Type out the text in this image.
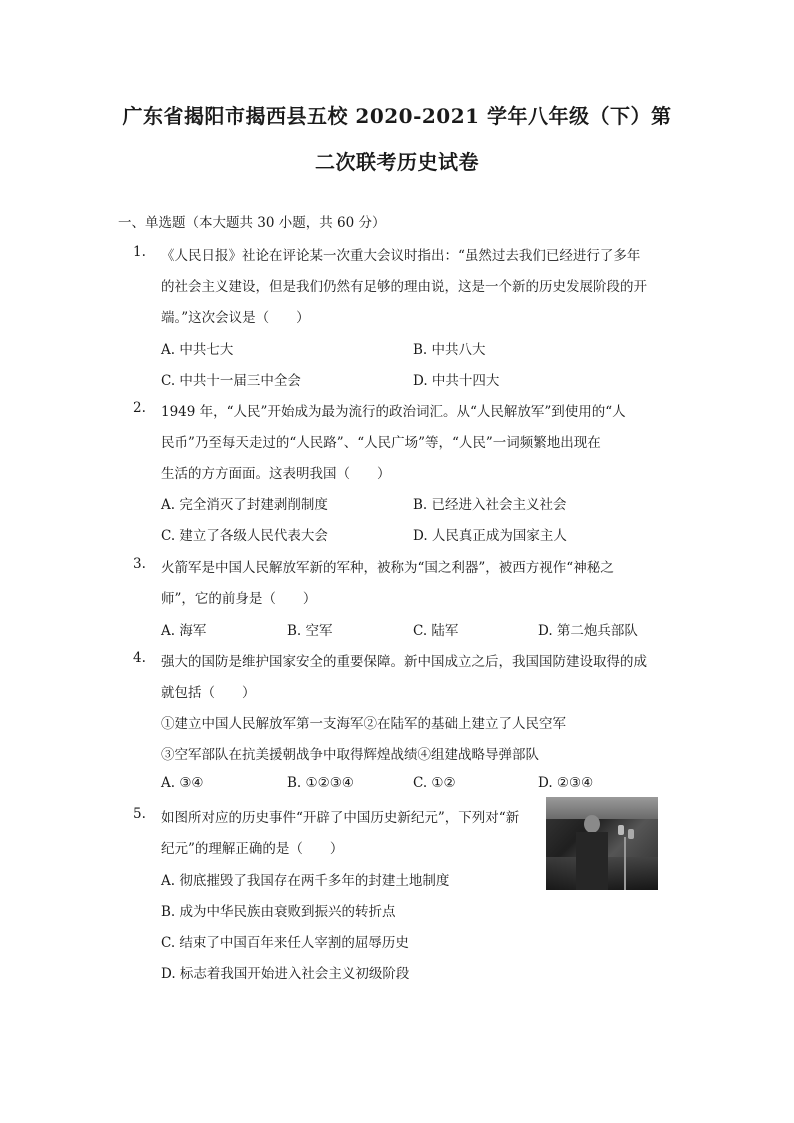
广东省揭阳市揭西县五校 2020-2021 学年八年级（下）第
二次联考历史试卷
一、单选题（本大题共 30 小题，共 60 分）
1. 《人民日报》社论在评论某一次重大会议时指出：“虽然过去我们已经进行了多年
的社会主义建设，但是我们仍然有足够的理由说，这是一个新的历史发展阶段的开
端。”这次会议是（　　）
A. 中共七大	B. 中共八大
C. 中共十一届三中全会	D. 中共十四大
2. 1949 年，“人民”开始成为最为流行的政治词汇。从“人民解放军”到使用的“人
民币”乃至每天走过的“人民路”、“人民广场”等，“人民”一词频繁地出现在
生活的方方面面。这表明我国（　　）
A. 完全消灭了封建剥削制度	B. 已经进入社会主义社会
C. 建立了各级人民代表大会	D. 人民真正成为国家主人
3. 火箭军是中国人民解放军新的军种，被称为“国之利器”，被西方视作“神秘之
师”，它的前身是（　　）
A. 海军	B. 空军	C. 陆军	D. 第二炮兵部队
4. 强大的国防是维护国家安全的重要保障。新中国成立之后，我国国防建设取得的成
就包括（　　）
①建立中国人民解放军第一支海军②在陆军的基础上建立了人民空军
③空军部队在抗美援朝战争中取得辉煌战绩④组建战略导弹部队
A. ③④	B. ①②③④	C. ①②	D. ②③④
5. 如图所对应的历史事件“开辟了中国历史新纪元”，下列对“新
纪元”的理解正确的是（　　）
A. 彻底摧毁了我国存在两千多年的封建土地制度
B. 成为中华民族由衰败到振兴的转折点
C. 结束了中国百年来任人宰割的屈辱历史
D. 标志着我国开始进入社会主义初级阶段
